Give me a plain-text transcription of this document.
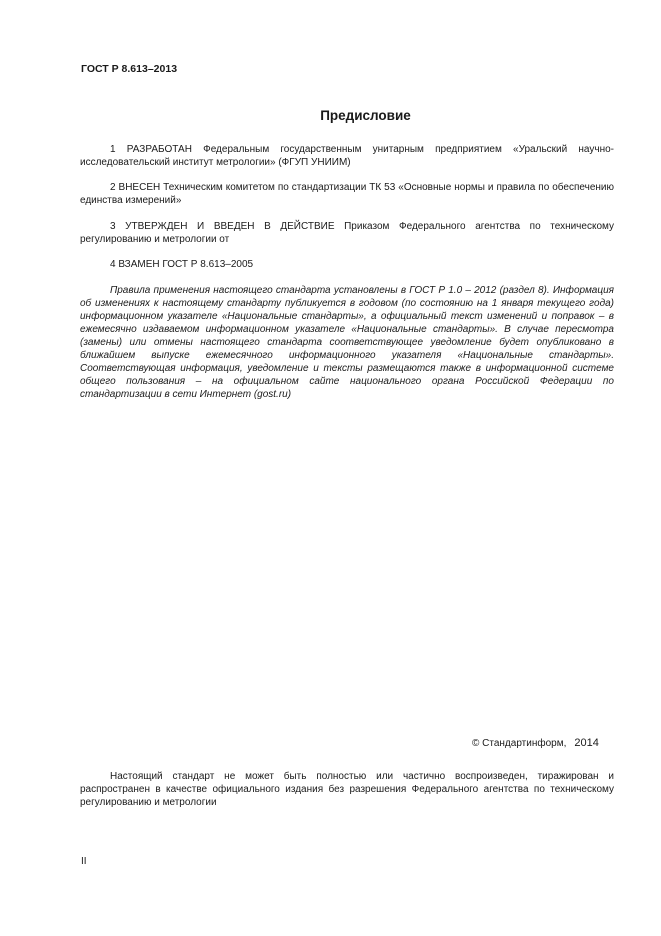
ГОСТ Р 8.613–2013
Предисловие
1 РАЗРАБОТАН Федеральным государственным унитарным предприятием «Уральский научно-исследовательский институт метрологии» (ФГУП УНИИМ)
2 ВНЕСЕН Техническим комитетом по стандартизации ТК 53 «Основные нормы и правила по обеспечению единства измерений»
3 УТВЕРЖДЕН И ВВЕДЕН В ДЕЙСТВИЕ Приказом Федерального агентства по техническому регулированию и метрологии от
4 ВЗАМЕН ГОСТ Р 8.613–2005
Правила применения настоящего стандарта установлены в ГОСТ Р 1.0 – 2012 (раздел 8). Информация об изменениях к настоящему стандарту публикуется в годовом (по состоянию на 1 января текущего года) информационном указателе «Национальные стандарты», а официальный текст изменений и поправок – в ежемесячно издаваемом информационном указателе «Национальные стандарты». В случае пересмотра (замены) или отмены настоящего стандарта соответствующее уведомление будет опубликовано в ближайшем выпуске ежемесячного информационного указателя «Национальные стандарты». Соответствующая информация, уведомление и тексты размещаются также в информационной системе общего пользования – на официальном сайте национального органа Российской Федерации по стандартизации в сети Интернет (gost.ru)
© Стандартинформ, 2014
Настоящий стандарт не может быть полностью или частично воспроизведен, тиражирован и распространен в качестве официального издания без разрешения Федерального агентства по техническому регулированию и метрологии
II
